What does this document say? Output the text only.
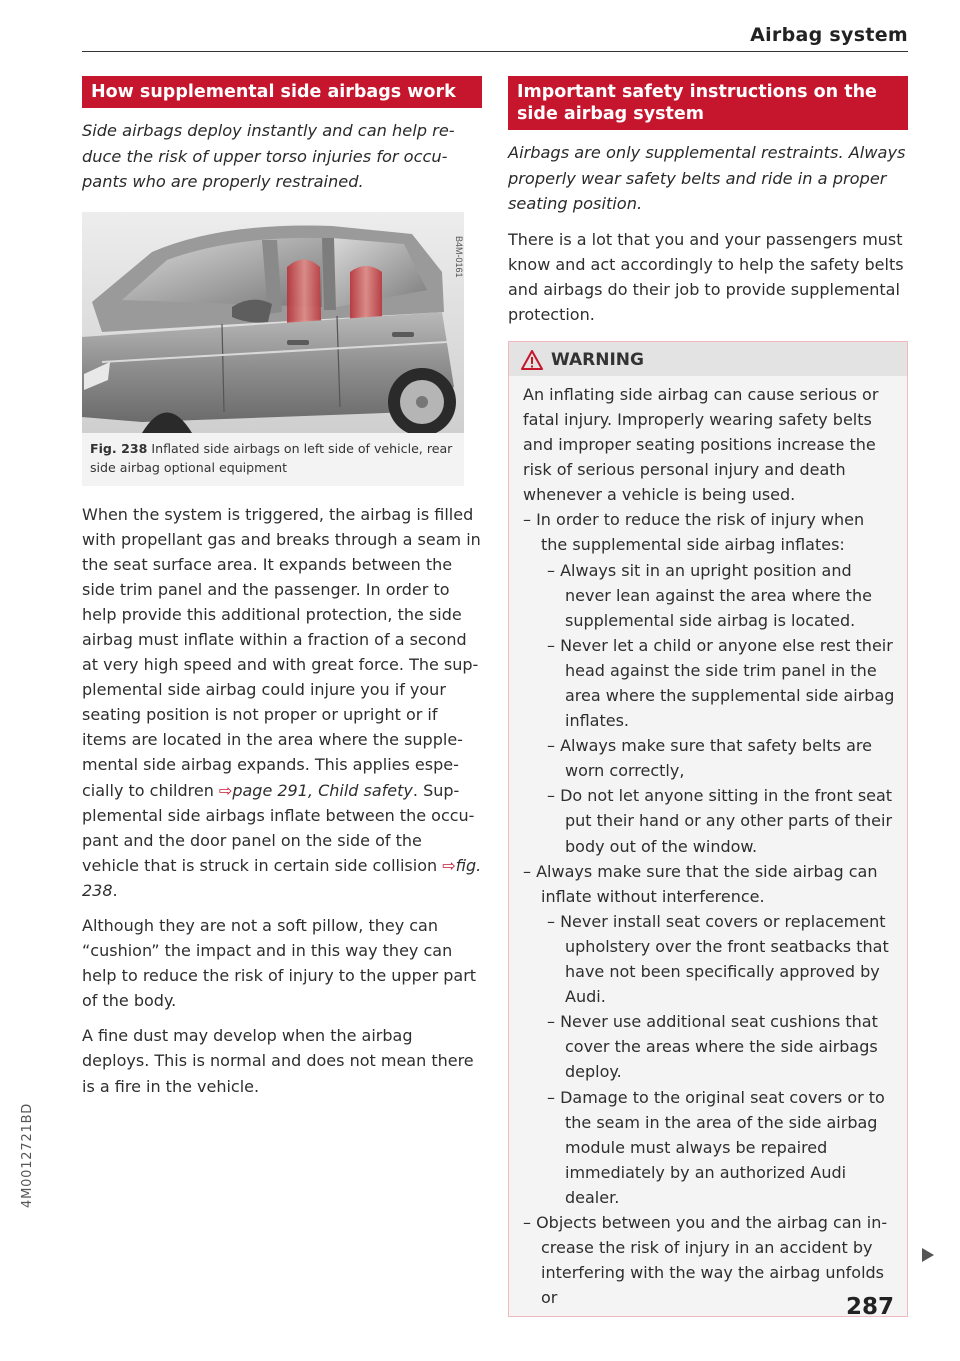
Airbag system
How supplemental side airbags work

Side airbags deploy instantly and can help re-
duce the risk of upper torso injuries for occu-
pants who are properly restrained.

B4M-0161
Fig. 238 Inflated side airbags on left side of vehicle, rear side airbag optional equipment

When the system is triggered, the airbag is filled with propellant gas and breaks through a seam in the seat surface area. It expands between the side trim panel and the passenger. In order to help provide this additional protection, the side airbag must inflate within a fraction of a second at very high speed and with great force. The supplemental side airbag could injure you if your seating position is not proper or upright or if items are located in the area where the supplemental side airbag expands. This applies especially to children ⇨page 291, Child safety. Supplemental side airbags inflate between the occupant and the door panel on the side of the vehicle that is struck in certain side collision ⇨fig. 238.

Although they are not a soft pillow, they can “cushion” the impact and in this way they can help to reduce the risk of injury to the upper part of the body.

A fine dust may develop when the airbag deploys. This is normal and does not mean there is a fire in the vehicle.

Important safety instructions on the side airbag system

Airbags are only supplemental restraints. Always
properly wear safety belts and ride in a proper
seating position.

There is a lot that you and your passengers must know and act accordingly to help the safety belts and airbags do their job to provide supplemental protection.

WARNING

An inflating side airbag can cause serious or fatal injury. Improperly wearing safety belts and improper seating positions increase the risk of serious personal injury and death whenever a vehicle is being used.

– In order to reduce the risk of injury when the supplemental side airbag inflates:

– Always sit in an upright position and never lean against the area where the supplemental side airbag is located.

– Never let a child or anyone else rest their head against the side trim panel in the area where the supplemental side airbag inflates.

– Always make sure that safety belts are worn correctly,

– Do not let anyone sitting in the front seat put their hand or any other parts of their body out of the window.

– Always make sure that the side airbag can inflate without interference.

– Never install seat covers or replacement upholstery over the front seatbacks that have not been specifically approved by Audi.

– Never use additional seat cushions that cover the areas where the side airbags deploy.

– Damage to the original seat covers or to the seam in the area of the side airbag module must always be repaired immediately by an authorized Audi dealer.

– Objects between you and the airbag can increase the risk of injury in an accident by interfering with the way the airbag unfolds or	287
4M0012721BD
